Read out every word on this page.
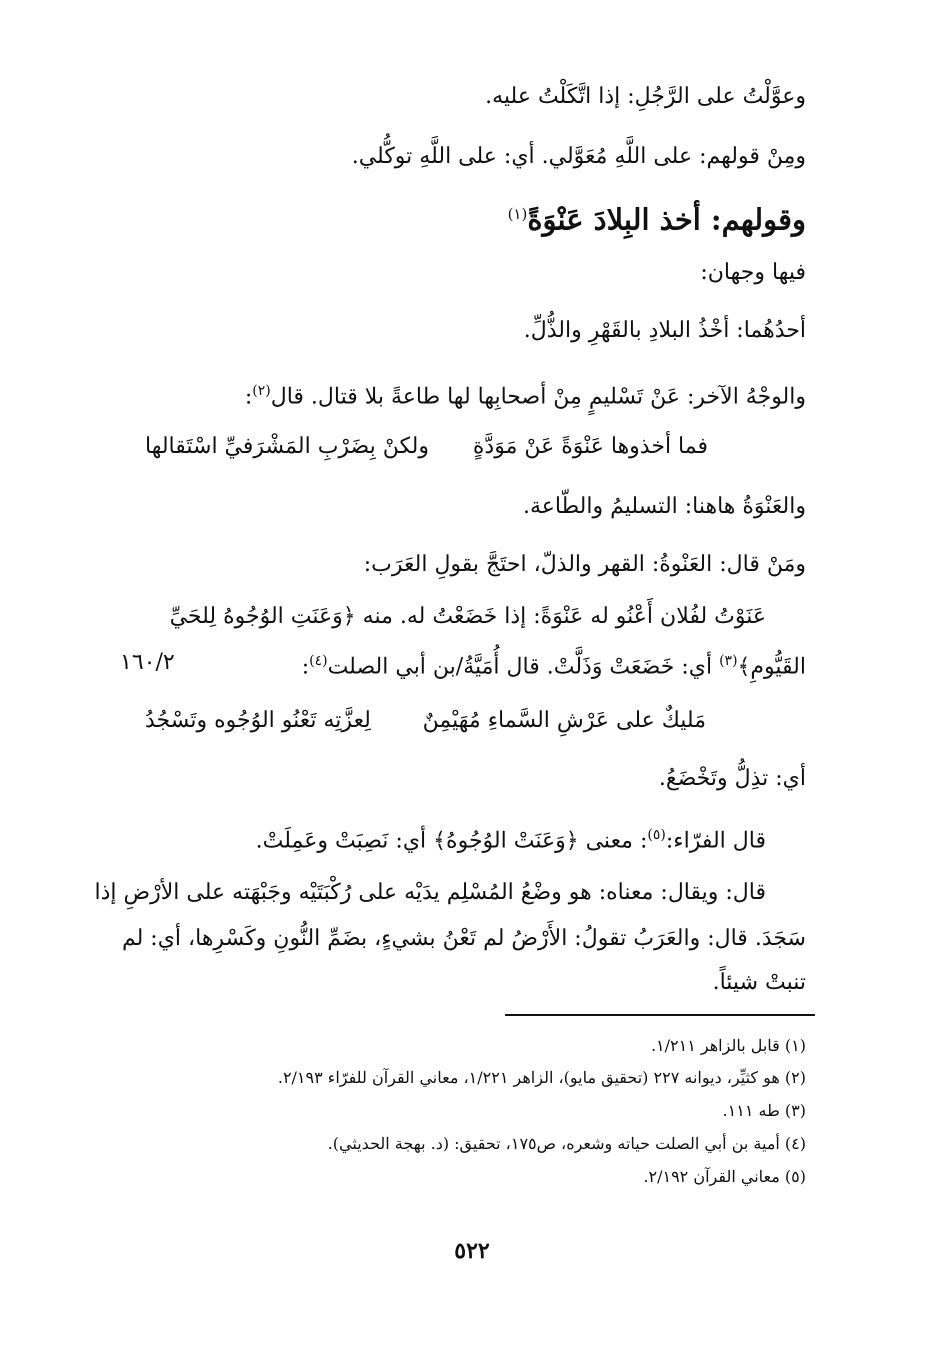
وعوَّلْتُ على الرَّجُلِ: إذا اتَّكَلْتُ عليه.
ومِنْ قولهم: على اللَّهِ مُعَوَّلي. أي: على اللَّهِ توكُّلي.
وقولهم: أخذ البِلادَ عَنْوَةً$^{(١)}$
فيها وجهان:
أحدُهُما: أخْذُ البلادِ بالقَهْرِ والذُّلِّ.
والوجْهُ الآخر: عَنْ تَسْليمٍ مِنْ أصحابِها لها طاعةً بلا قتال. قال$^{(٢)}$:
فما أخذوها عَنْوَةً عَنْ مَوَدَّةٍ
ولكنْ بِضَرْبِ المَشْرَفيِّ اسْتَقالها
والعَنْوَةُ هاهنا: التسليمُ والطّاعة.
ومَنْ قال: العَنْوةُ: القهر والذلّ، احتَجَّ بقولِ العَرَب:
عَنَوْتُ لفُلان أَعْنُو له عَنْوَةً: إذا خَضَعْتُ له. منه ﴿وَعَنَتِ الوُجُوهُ لِلحَيِّ
القَيُّومِ﴾$^{(٣)}$ أي: خَضَعَتْ وَذَلَّتْ. قال أُمَيَّةُ/بن أبي الصلت$^{(٤)}$:
١٦٠/٢
مَليكٌ على عَرْشِ السَّماءِ مُهَيْمِنٌ
لِعزَّتِه تَعْنُو الوُجُوه وتَسْجُدُ
أي: تذِلُّ وتَخْضَعُ.
قال الفرّاء:$^{(٥)}$: معنى ﴿وَعَنَتْ الوُجُوهُ﴾ أي: نَصِبَتْ وعَمِلَتْ.
قال: ويقال: معناه: هو وضْعُ المُسْلِم يدَيْه على رُكْبَتَيْه وجَبْهَته على الأرْضِ إذا
سَجَدَ. قال: والعَرَبُ تقولُ: الأَرْضُ لم تَعْنُ بشيءٍ، بضَمِّ النُّونِ وكَسْرِها، أي: لم
تنبتْ شيئاً.
(١) قابل بالزاهر ١/٢١١.
(٢) هو كثيِّر، ديوانه ٢٢٧ (تحقيق مايو)، الزاهر ١/٢٢١، معاني القرآن للفرّاء ٢/١٩٣.
(٣) طه ١١١.
(٤) أمية بن أبي الصلت حياته وشعره، ص١٧٥، تحقيق: (د. بهجة الحديثي).
(٥) معاني القرآن ٢/١٩٢.
٥٢٢
